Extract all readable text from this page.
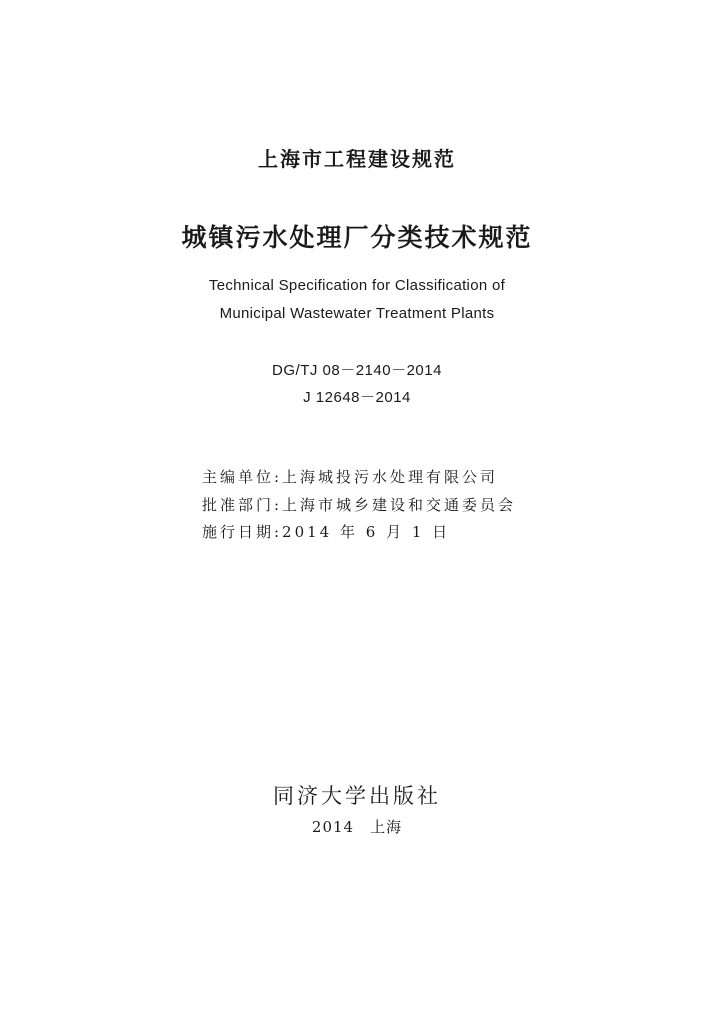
上海市工程建设规范
城镇污水处理厂分类技术规范
Technical Specification for Classification of
Municipal Wastewater Treatment Plants
DG/TJ 08－2140－2014
J 12648－2014
主编单位:上海城投污水处理有限公司
批准部门:上海市城乡建设和交通委员会
施行日期:2014 年 6 月 1 日
同济大学出版社
2014　上海
